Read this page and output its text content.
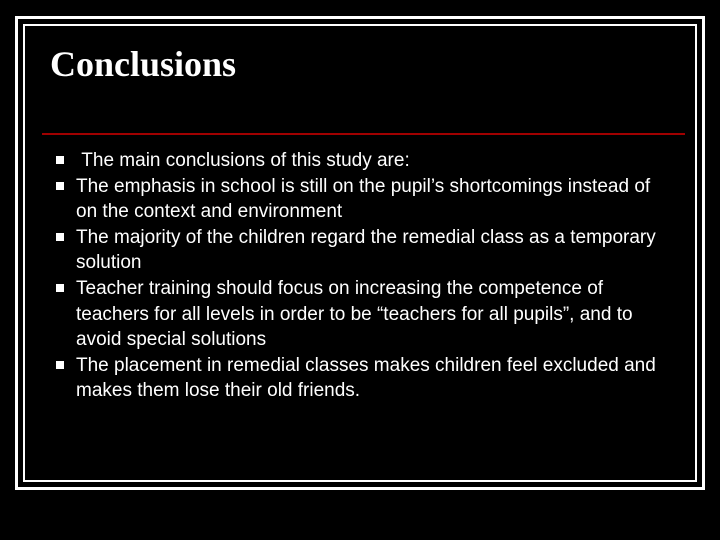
Conclusions
The main conclusions of this study are:
The emphasis in school is still on the pupil’s shortcomings instead of on the context and environment
The majority of the children regard the remedial class as a temporary solution
Teacher training should focus on increasing the competence of teachers for all levels in order to be “teachers for all pupils”, and to avoid special solutions
The placement in remedial classes makes children feel excluded and makes them lose their old friends.
